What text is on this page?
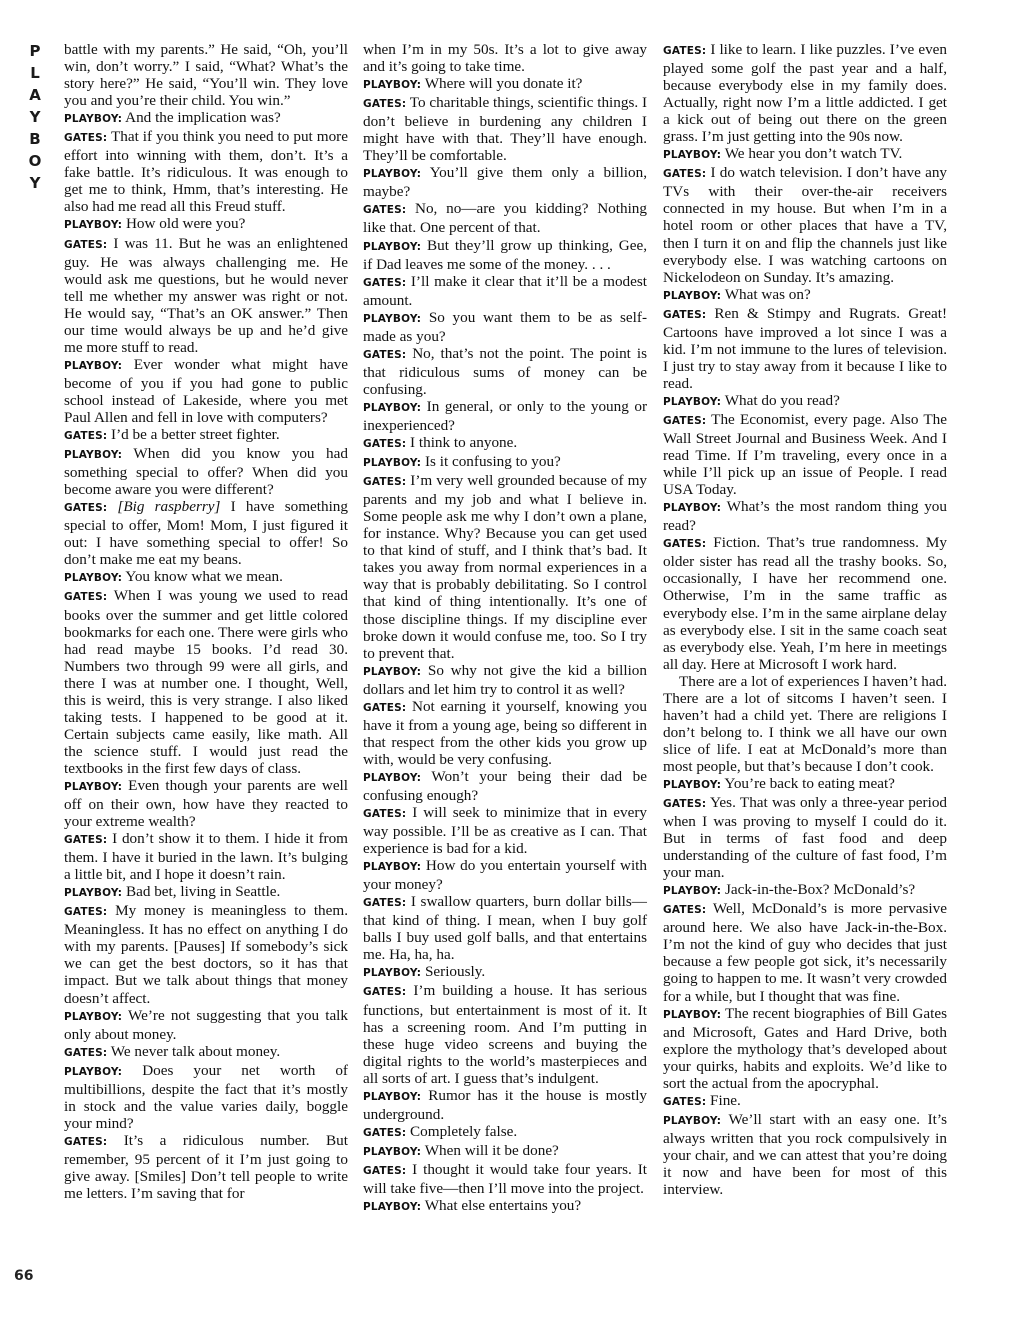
P
L
A
Y
B
O
Y
66

battle with my parents.” He said, “Oh, you’ll win, don’t worry.” I said, “What? What’s the story here?” He said, “You’ll win. They love you and you’re their child. You win.”

PLAYBOY: And the implication was?

GATES: That if you think you need to put more effort into winning with them, don’t. It’s a fake battle. It’s ridiculous. It was enough to get me to think, Hmm, that’s interesting. He also had me read all this Freud stuff.

PLAYBOY: How old were you?

GATES: I was 11. But he was an enlightened guy. He was always challenging me. He would ask me questions, but he would never tell me whether my answer was right or not. He would say, “That’s an OK answer.” Then our time would always be up and he’d give me more stuff to read.

PLAYBOY: Ever wonder what might have become of you if you had gone to public school instead of Lakeside, where you met Paul Allen and fell in love with computers?

GATES: I’d be a better street fighter.

PLAYBOY: When did you know you had something special to offer? When did you become aware you were different?

GATES: [Big raspberry] I have something special to offer, Mom! Mom, I just figured it out: I have something special to offer! So don’t make me eat my beans.

PLAYBOY: You know what we mean.

GATES: When I was young we used to read books over the summer and get little colored bookmarks for each one. There were girls who had read maybe 15 books. I’d read 30. Numbers two through 99 were all girls, and there I was at number one. I thought, Well, this is weird, this is very strange. I also liked taking tests. I happened to be good at it. Certain subjects came easily, like math. All the science stuff. I would just read the textbooks in the first few days of class.

PLAYBOY: Even though your parents are well off on their own, how have they reacted to your extreme wealth?

GATES: I don’t show it to them. I hide it from them. I have it buried in the lawn. It’s bulging a little bit, and I hope it doesn’t rain.

PLAYBOY: Bad bet, living in Seattle.

GATES: My money is meaningless to them. Meaningless. It has no effect on anything I do with my parents. [Pauses] If somebody’s sick we can get the best doctors, so it has that impact. But we talk about things that money doesn’t affect.

PLAYBOY: We’re not suggesting that you talk only about money.

GATES: We never talk about money.

PLAYBOY: Does your net worth of multibillions, despite the fact that it’s mostly in stock and the value varies daily, boggle your mind?

GATES: It’s a ridiculous number. But remember, 95 percent of it I’m just going to give away. [Smiles] Don’t tell people to write me letters. I’m saving that for

when I’m in my 50s. It’s a lot to give away and it’s going to take time.

PLAYBOY: Where will you donate it?

GATES: To charitable things, scientific things. I don’t believe in burdening any children I might have with that. They’ll have enough. They’ll be comfortable.

PLAYBOY: You’ll give them only a billion, maybe?

GATES: No, no—are you kidding? Nothing like that. One percent of that.

PLAYBOY: But they’ll grow up thinking, Gee, if Dad leaves me some of the money. . . .

GATES: I’ll make it clear that it’ll be a modest amount.

PLAYBOY: So you want them to be as self-made as you?

GATES: No, that’s not the point. The point is that ridiculous sums of money can be confusing.

PLAYBOY: In general, or only to the young or inexperienced?

GATES: I think to anyone.

PLAYBOY: Is it confusing to you?

GATES: I’m very well grounded because of my parents and my job and what I believe in. Some people ask me why I don’t own a plane, for instance. Why? Because you can get used to that kind of stuff, and I think that’s bad. It takes you away from normal experiences in a way that is probably debilitating. So I control that kind of thing intentionally. It’s one of those discipline things. If my discipline ever broke down it would confuse me, too. So I try to prevent that.

PLAYBOY: So why not give the kid a billion dollars and let him try to control it as well?

GATES: Not earning it yourself, knowing you have it from a young age, being so different in that respect from the other kids you grow up with, would be very confusing.

PLAYBOY: Won’t your being their dad be confusing enough?

GATES: I will seek to minimize that in every way possible. I’ll be as creative as I can. That experience is bad for a kid.

PLAYBOY: How do you entertain yourself with your money?

GATES: I swallow quarters, burn dollar bills—that kind of thing. I mean, when I buy golf balls I buy used golf balls, and that entertains me. Ha, ha, ha.

PLAYBOY: Seriously.

GATES: I’m building a house. It has serious functions, but entertainment is most of it. It has a screening room. And I’m putting in these huge video screens and buying the digital rights to the world’s masterpieces and all sorts of art. I guess that’s indulgent.

PLAYBOY: Rumor has it the house is mostly underground.

GATES: Completely false.

PLAYBOY: When will it be done?

GATES: I thought it would take four years. It will take five—then I’ll move into the project.

PLAYBOY: What else entertains you?

GATES: I like to learn. I like puzzles. I’ve even played some golf the past year and a half, because everybody else in my family does. Actually, right now I’m a little addicted. I get a kick out of being out there on the green grass. I’m just getting into the 90s now.

PLAYBOY: We hear you don’t watch TV.

GATES: I do watch television. I don’t have any TVs with their over-the-air receivers connected in my house. But when I’m in a hotel room or other places that have a TV, then I turn it on and flip the channels just like everybody else. I was watching cartoons on Nickelodeon on Sunday. It’s amazing.

PLAYBOY: What was on?

GATES: Ren & Stimpy and Rugrats. Great! Cartoons have improved a lot since I was a kid. I’m not immune to the lures of television. I just try to stay away from it because I like to read.

PLAYBOY: What do you read?

GATES: The Economist, every page. Also The Wall Street Journal and Business Week. And I read Time. If I’m traveling, every once in a while I’ll pick up an issue of People. I read USA Today.

PLAYBOY: What’s the most random thing you read?

GATES: Fiction. That’s true randomness. My older sister has read all the trashy books. So, occasionally, I have her recommend one. Otherwise, I’m in the same traffic as everybody else. I’m in the same airplane delay as everybody else. I sit in the same coach seat as everybody else. Yeah, I’m here in meetings all day. Here at Microsoft I work hard.

There are a lot of experiences I haven’t had. There are a lot of sitcoms I haven’t seen. I haven’t had a child yet. There are religions I don’t belong to. I think we all have our own slice of life. I eat at McDonald’s more than most people, but that’s because I don’t cook.

PLAYBOY: You’re back to eating meat?

GATES: Yes. That was only a three-year period when I was proving to myself I could do it. But in terms of fast food and deep understanding of the culture of fast food, I’m your man.

PLAYBOY: Jack-in-the-Box? McDonald’s?

GATES: Well, McDonald’s is more pervasive around here. We also have Jack-in-the-Box. I’m not the kind of guy who decides that just because a few people got sick, it’s necessarily going to happen to me. It wasn’t very crowded for a while, but I thought that was fine.

PLAYBOY: The recent biographies of Bill Gates and Microsoft, Gates and Hard Drive, both explore the mythology that’s developed about your quirks, habits and exploits. We’d like to sort the actual from the apocryphal.

GATES: Fine.

PLAYBOY: We’ll start with an easy one. It’s always written that you rock compulsively in your chair, and we can attest that you’re doing it now and have been for most of this interview.
